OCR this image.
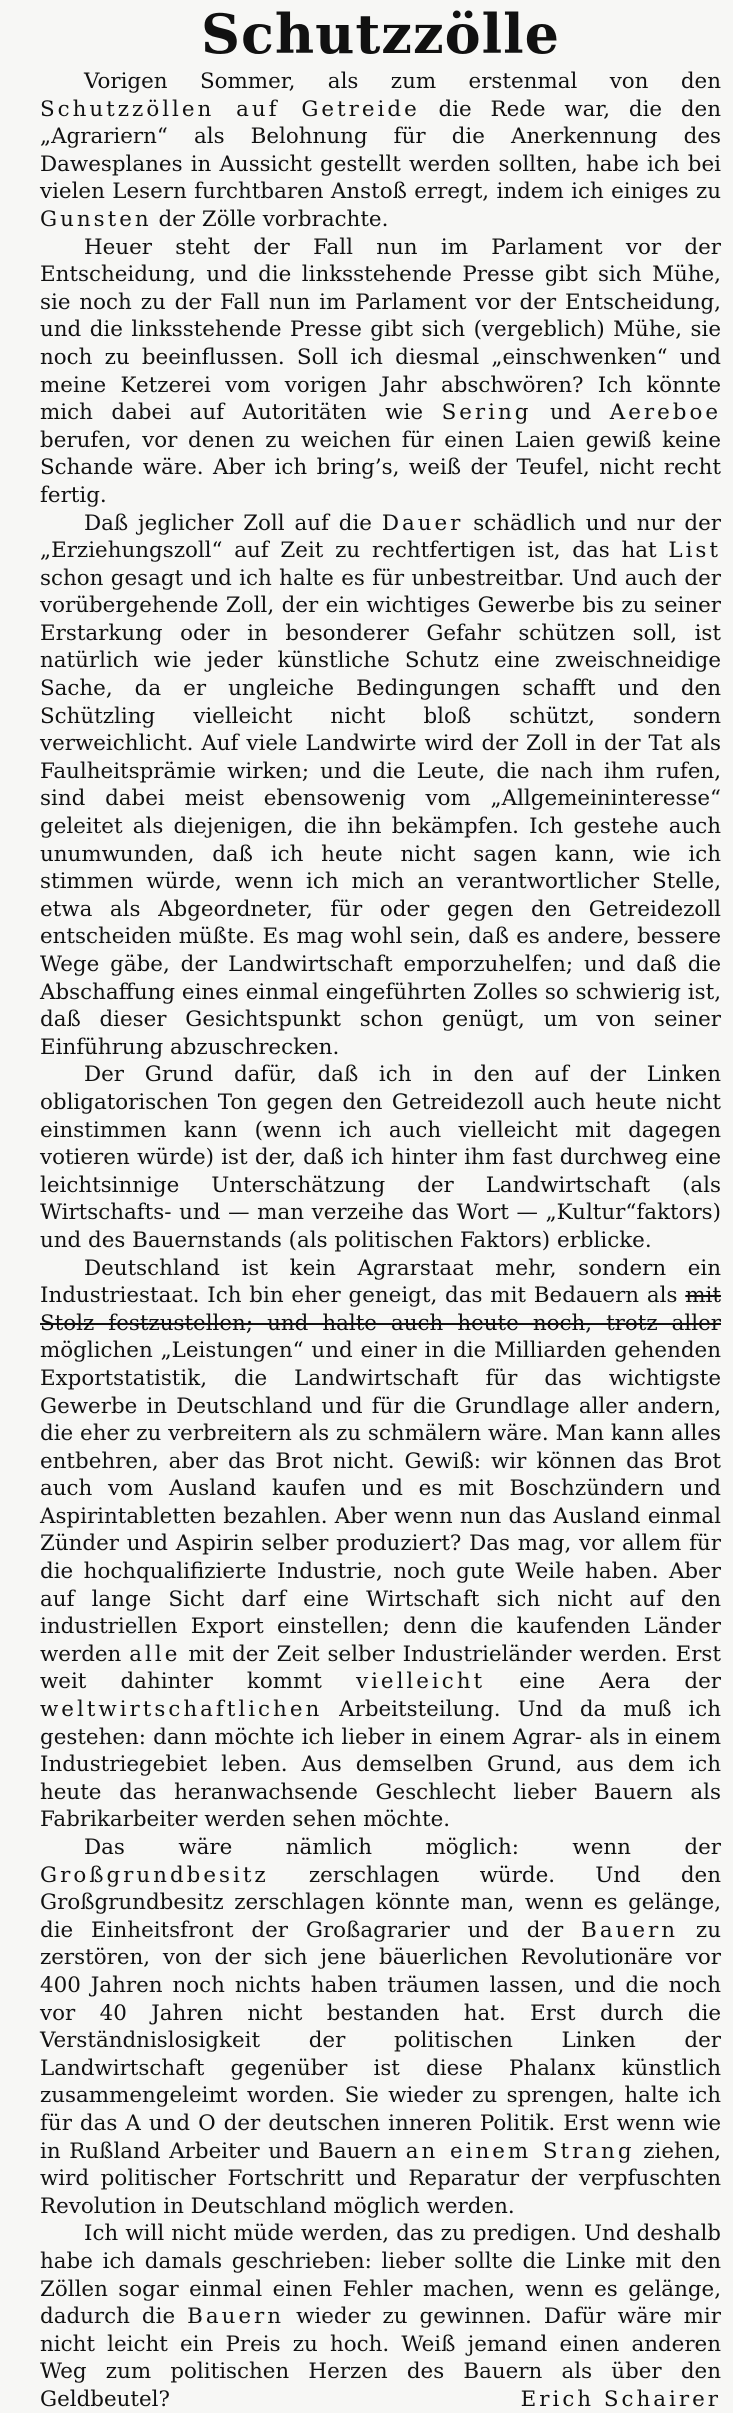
Schutzzölle

Vorigen Sommer, als zum erstenmal von den Schutzzöllen auf Getreide die Rede war, die den „Agrariern“ als Belohnung für die Anerkennung des Dawesplanes in Aussicht gestellt werden sollten, habe ich bei vielen Lesern furchtbaren Anstoß erregt, indem ich einiges zu Gunsten der Zölle vorbrachte.

Heuer steht der Fall nun im Parlament vor der Entscheidung, und die linksstehende Presse gibt sich Mühe, sie noch zu der Fall nun im Parlament vor der Entscheidung, und die linksstehende Presse gibt sich (vergeblich) Mühe, sie noch zu beeinflussen. Soll ich diesmal „einschwenken“ und meine Ketzerei vom vorigen Jahr abschwören? Ich könnte mich dabei auf Autoritäten wie Sering und Aereboe berufen, vor denen zu weichen für einen Laien gewiß keine Schande wäre. Aber ich bring’s, weiß der Teufel, nicht recht fertig.

Daß jeglicher Zoll auf die Dauer schädlich und nur der „Erziehungszoll“ auf Zeit zu rechtfertigen ist, das hat List schon gesagt und ich halte es für unbestreitbar. Und auch der vorübergehende Zoll, der ein wichtiges Gewerbe bis zu seiner Erstarkung oder in besonderer Gefahr schützen soll, ist natürlich wie jeder künstliche Schutz eine zweischneidige Sache, da er ungleiche Bedingungen schafft und den Schützling vielleicht nicht bloß schützt, sondern verweichlicht. Auf viele Landwirte wird der Zoll in der Tat als Faulheitsprämie wirken; und die Leute, die nach ihm rufen, sind dabei meist ebensowenig vom „Allgemeininteresse“ geleitet als diejenigen, die ihn bekämpfen. Ich gestehe auch unumwunden, daß ich heute nicht sagen kann, wie ich stimmen würde, wenn ich mich an verantwortlicher Stelle, etwa als Abgeordneter, für oder gegen den Getreidezoll entscheiden müßte. Es mag wohl sein, daß es andere, bessere Wege gäbe, der Landwirtschaft emporzuhelfen; und daß die Abschaffung eines einmal eingeführten Zolles so schwierig ist, daß dieser Gesichtspunkt schon genügt, um von seiner Einführung abzuschrecken.

Der Grund dafür, daß ich in den auf der Linken obligatorischen Ton gegen den Getreidezoll auch heute nicht einstimmen kann (wenn ich auch vielleicht mit dagegen votieren würde) ist der, daß ich hinter ihm fast durchweg eine leichtsinnige Unterschätzung der Landwirtschaft (als Wirtschafts- und — man verzeihe das Wort — „Kultur“faktors) und des Bauernstands (als politischen Faktors) erblicke.

Deutschland ist kein Agrarstaat mehr, sondern ein Industriestaat. Ich bin eher geneigt, das mit Bedauern als mit Stolz festzustellen; und halte auch heute noch, trotz aller möglichen „Leistungen“ und einer in die Milliarden gehenden Exportstatistik, die Landwirtschaft für das wichtigste Gewerbe in Deutschland und für die Grundlage aller andern, die eher zu verbreitern als zu schmälern wäre. Man kann alles entbehren, aber das Brot nicht. Gewiß: wir können das Brot auch vom Ausland kaufen und es mit Boschzündern und Aspirintabletten bezahlen. Aber wenn nun das Ausland einmal Zünder und Aspirin selber produziert? Das mag, vor allem für die hochqualifizierte Industrie, noch gute Weile haben. Aber auf lange Sicht darf eine Wirtschaft sich nicht auf den industriellen Export einstellen; denn die kaufenden Länder werden alle mit der Zeit selber Industrieländer werden. Erst weit dahinter kommt vielleicht eine Aera der weltwirtschaftlichen Arbeitsteilung. Und da muß ich gestehen: dann möchte ich lieber in einem Agrar- als in einem Industriegebiet leben. Aus demselben Grund, aus dem ich heute das heranwachsende Geschlecht lieber Bauern als Fabrikarbeiter werden sehen möchte.

Das wäre nämlich möglich: wenn der Großgrundbesitz zerschlagen würde. Und den Großgrundbesitz zerschlagen könnte man, wenn es gelänge, die Einheitsfront der Großagrarier und der Bauern zu zerstören, von der sich jene bäuerlichen Revolutionäre vor 400 Jahren noch nichts haben träumen lassen, und die noch vor 40 Jahren nicht bestanden hat. Erst durch die Verständnislosigkeit der politischen Linken der Landwirtschaft gegenüber ist diese Phalanx künstlich zusammengeleimt worden. Sie wieder zu sprengen, halte ich für das A und O der deutschen inneren Politik. Erst wenn wie in Rußland Arbeiter und Bauern an einem Strang ziehen, wird politischer Fortschritt und Reparatur der verpfuschten Revolution in Deutschland möglich werden.

Ich will nicht müde werden, das zu predigen. Und deshalb habe ich damals geschrieben: lieber sollte die Linke mit den Zöllen sogar einmal einen Fehler machen, wenn es gelänge, dadurch die Bauern wieder zu gewinnen. Dafür wäre mir nicht leicht ein Preis zu hoch. Weiß jemand einen anderen Weg zum politischen Herzen des Bauern als über den Geldbeutel?	Erich Schairer
